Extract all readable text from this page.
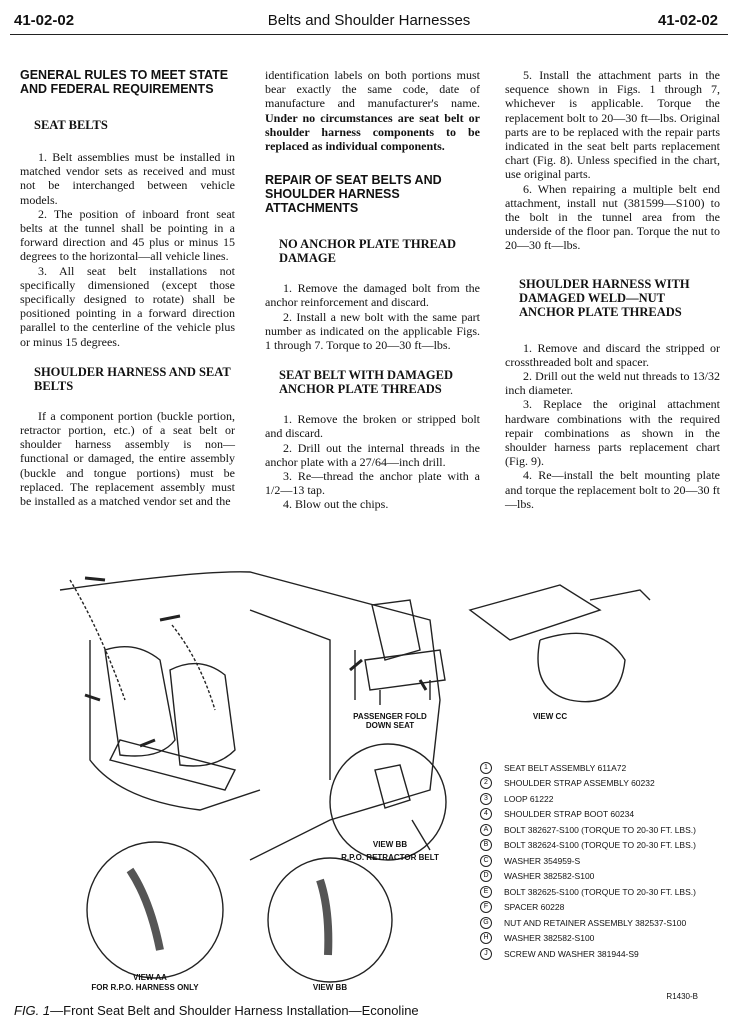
41-02-02	Belts and Shoulder Harnesses	41-02-02
GENERAL RULES TO MEET STATE AND FEDERAL REQUIREMENTS
SEAT BELTS

1. Belt assemblies must be installed in matched vendor sets as received and must not be interchanged between vehicle models.

2. The position of inboard front seat belts at the tunnel shall be pointing in a forward direction and 45 plus or minus 15 degrees to the horizontal—all vehicle lines.

3. All seat belt installations not specifically dimensioned (except those specifically designed to rotate) shall be positioned pointing in a forward direction parallel to the centerline of the vehicle plus or minus 15 degrees.

SHOULDER HARNESS AND SEAT BELTS

If a component portion (buckle portion, retractor portion, etc.) of a seat belt or shoulder harness assembly is non—functional or damaged, the entire assembly (buckle and tongue portions) must be replaced. The replacement assembly must be installed as a matched vendor set and the

identification labels on both portions must bear exactly the same code, date of manufacture and manufacturer's name. Under no circumstances are seat belt or shoulder harness components to be replaced as individual components.

REPAIR OF SEAT BELTS AND SHOULDER HARNESS ATTACHMENTS
NO ANCHOR PLATE THREAD DAMAGE

1. Remove the damaged bolt from the anchor reinforcement and discard.

2. Install a new bolt with the same part number as indicated on the applicable Figs. 1 through 7. Torque to 20—30 ft—lbs.

SEAT BELT WITH DAMAGED ANCHOR PLATE THREADS

1. Remove the broken or stripped bolt and discard.

2. Drill out the internal threads in the anchor plate with a 27/64—inch drill.

3. Re—thread the anchor plate with a 1/2—13 tap.

4. Blow out the chips.

5. Install the attachment parts in the sequence shown in Figs. 1 through 7, whichever is applicable. Torque the replacement bolt to 20—30 ft—lbs. Original parts are to be replaced with the repair parts indicated in the seat belt parts replacement chart (Fig. 8). Unless specified in the chart, use original parts.

6. When repairing a multiple belt end attachment, install nut (381599—S100) to the bolt in the tunnel area from the underside of the floor pan. Torque the nut to 20—30 ft—lbs.

SHOULDER HARNESS WITH DAMAGED WELD—NUT ANCHOR PLATE THREADS

1. Remove and discard the stripped or crossthreaded bolt and spacer.

2. Drill out the weld nut threads to 13/32 inch diameter.

3. Replace the original attachment hardware combinations with the required repair combinations as shown in the shoulder harness parts replacement chart (Fig. 9).

4. Re—install the belt mounting plate and torque the replacement bolt to 20—30 ft—lbs.

PASSENGER FOLD DOWN SEAT
VIEW CC
VIEW BB
R.P.O. RETRACTOR BELT
VIEW AA
FOR R.P.O. HARNESS ONLY	VIEW BB
1	SEAT BELT ASSEMBLY 611A72
2	SHOULDER STRAP ASSEMBLY 60232
3	LOOP 61222
4	SHOULDER STRAP BOOT 60234
A	BOLT 382627-S100 (TORQUE TO 20-30 FT. LBS.)
B	BOLT 382624-S100 (TORQUE TO 20-30 FT. LBS.)
C	WASHER 354959-S
D	WASHER 382582-S100
E	BOLT 382625-S100 (TORQUE TO 20-30 FT. LBS.)
F	SPACER 60228
G	NUT AND RETAINER ASSEMBLY 382537-S100
H	WASHER 382582-S100
J	SCREW AND WASHER 381944-S9
R1430-B
FIG. 1—Front Seat Belt and Shoulder Harness Installation—Econoline
